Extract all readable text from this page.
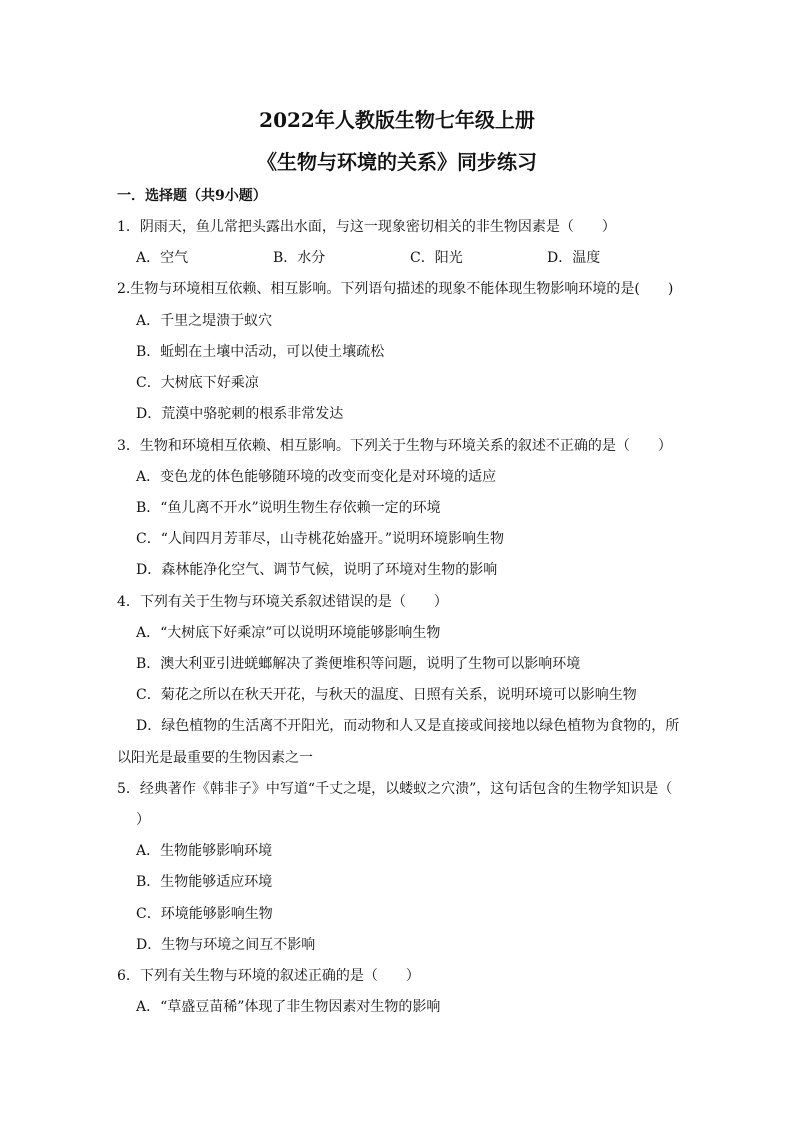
2022年人教版生物七年级上册
《生物与环境的关系》同步练习
一．选择题（共9小题）
1．阴雨天，鱼儿常把头露出水面，与这一现象密切相关的非生物因素是（　　）
A．空气	B．水分	C．阳光	D．温度
2.生物与环境相互依赖、相互影响。下列语句描述的现象不能体现生物影响环境的是(　　)
A．千里之堤溃于蚁穴
B．蚯蚓在土壤中活动，可以使土壤疏松
C．大树底下好乘凉
D．荒漠中骆驼刺的根系非常发达
3．生物和环境相互依赖、相互影响。下列关于生物与环境关系的叙述不正确的是（　　）
A．变色龙的体色能够随环境的改变而变化是对环境的适应
B．“鱼儿离不开水”说明生物生存依赖一定的环境
C．“人间四月芳菲尽，山寺桃花始盛开。”说明环境影响生物
D．森林能净化空气、调节气候，说明了环境对生物的影响
4．下列有关于生物与环境关系叙述错误的是（　　）
A．“大树底下好乘凉”可以说明环境能够影响生物
B．澳大利亚引进蜣螂解决了粪便堆积等问题，说明了生物可以影响环境
C．菊花之所以在秋天开花，与秋天的温度、日照有关系，说明环境可以影响生物
D．绿色植物的生活离不开阳光，而动物和人又是直接或间接地以绿色植物为食物的，所
以阳光是最重要的生物因素之一
5．经典著作《韩非子》中写道“千丈之堤，以蝼蚁之穴溃”，这句话包含的生物学知识是（
）
A．生物能够影响环境
B．生物能够适应环境
C．环境能够影响生物
D．生物与环境之间互不影响
6．下列有关生物与环境的叙述正确的是（　　）
A．“草盛豆苗稀”体现了非生物因素对生物的影响
